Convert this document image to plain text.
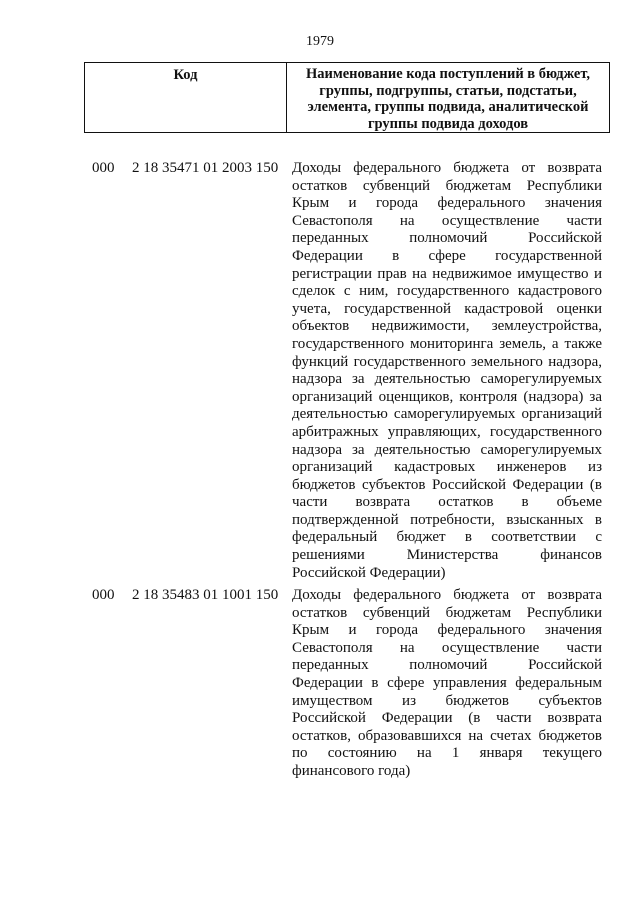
1979
Код	Наименование кода поступлений в бюджет, группы, подгруппы, статьи, подстатьи, элемента, группы подвида, аналитической группы подвида доходов
000 2 18 35471 01 2003 150 Доходы федерального бюджета от возврата остатков субвенций бюджетам Республики Крым и города федерального значения Севастополя на осуществление части переданных полномочий Российской Федерации в сфере государственной регистрации прав на недвижимое имущество и сделок с ним, государственного кадастрового учета, государственной кадастровой оценки объектов недвижимости, землеустройства, государственного мониторинга земель, а также функций государственного земельного надзора, надзора за деятельностью саморегулируемых организаций оценщиков, контроля (надзора) за деятельностью саморегулируемых организаций арбитражных управляющих, государственного надзора за деятельностью саморегулируемых организаций кадастровых инженеров из бюджетов субъектов Российской Федерации (в части возврата остатков в объеме подтвержденной потребности, взысканных в федеральный бюджет в соответствии с решениями Министерства финансов Российской Федерации)
000 2 18 35483 01 1001 150 Доходы федерального бюджета от возврата остатков субвенций бюджетам Республики Крым и города федерального значения Севастополя на осуществление части переданных полномочий Российской Федерации в сфере управления федеральным имуществом из бюджетов субъектов Российской Федерации (в части возврата остатков, образовавшихся на счетах бюджетов по состоянию на 1 января текущего финансового года)
